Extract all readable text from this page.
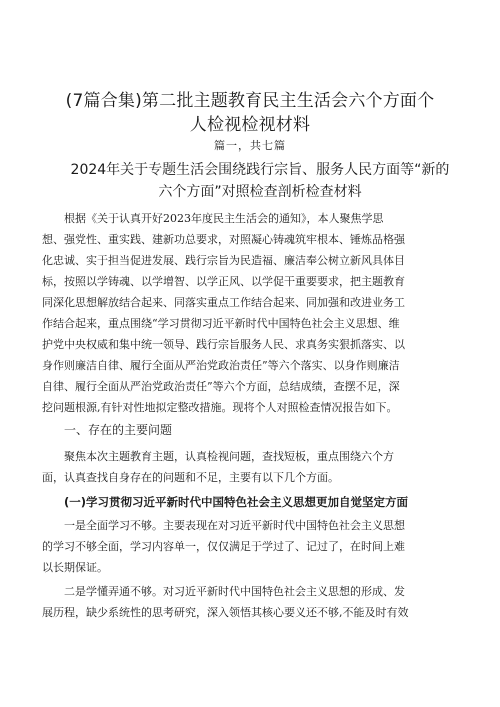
(7篇合集)第二批主题教育民主生活会六个方面个
人检视检视材料
篇一，共七篇
2024年关于专题生活会围绕践行宗旨、服务人民方面等“新的
六个方面”对照检查剖析检查材料
根据《关于认真开好2023年度民主生活会的通知》，本人聚焦学思
想、强党性、重实践、建新功总要求，对照凝心铸魂筑牢根本、锤炼品格强
化忠诚、实于担当促进发展、践行宗旨为民造福、廉洁奉公树立新风具体目
标，按照以学铸魂、以学增智、以学正风、以学促干重要要求，把主题教育
同深化思想解放结合起来、同落实重点工作结合起来、同加强和改进业务工
作结合起来，重点围绕“学习贯彻习近平新时代中国特色社会主义思想、维
护党中央权威和集中统一领导、践行宗旨服务人民、求真务实狠抓落实、以
身作则廉洁自律、履行全面从严治党政治责任”等六个落实、以身作则廉洁
自律、履行全面从严治党政治责任”等六个方面，总结成绩，查摆不足，深
挖问题根源,有针对性地拟定整改措施。现将个人对照检查情况报告如下。
一、存在的主要问题
聚焦本次主题教育主题，认真检视问题，查找短板，重点围绕六个方
面，认真查找自身存在的问题和不足，主要有以下几个方面。
(一)学习贯彻习近平新时代中国特色社会主义思想更加自觉坚定方面
一是全面学习不够。主要表现在对习近平新时代中国特色社会主义思想
的学习不够全面，学习内容单一，仅仅满足于学过了、记过了，在时间上难
以长期保证。
二是学懂弄通不够。对习近平新时代中国特色社会主义思想的形成、发
展历程，缺少系统性的思考研究，深入领悟其核心要义还不够,不能及时有效
